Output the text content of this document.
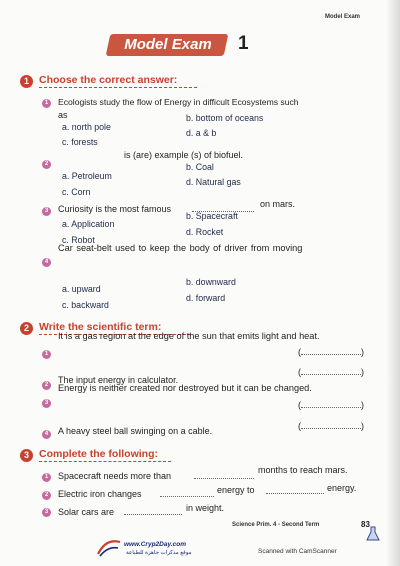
Model Exam
Model Exam	1
1 Choose the correct answer:
1	Ecologists study the flow of Energy in difficult Ecosystems such
as
a. north pole
b. bottom of oceans
c. forests
d. a & b
2
is (are) example (s) of biofuel.
a. Petroleum
b. Coal
c. Corn
d. Natural gas
3	Curiosity is the most famous	on mars.
a. Application
b. Spacecraft
c. Robot
d. Rocket
4
Car seat-belt used to keep the body of driver from moving
a. upward
b. downward
c. backward
d. forward
2 Write the scientific term:
1
It is a gas region at the edge of the sun that emits light and heat.
(	)
2	The input energy in calculator.
(	)
3
Energy is neither created nor destroyed but it can be changed.
(	)
4	A heavy steel ball swinging on a cable.	(	)
3 Complete the following:
1	Spacecraft needs more than
months to reach mars.
2	Electric iron changes	energy to	energy.
3	Solar cars are	in weight.
Science Prim. 4 - Second Term	83
www.Cryp2Day.com
موقع مذكرات جاهزة للطباعة	Scanned with CamScanner
